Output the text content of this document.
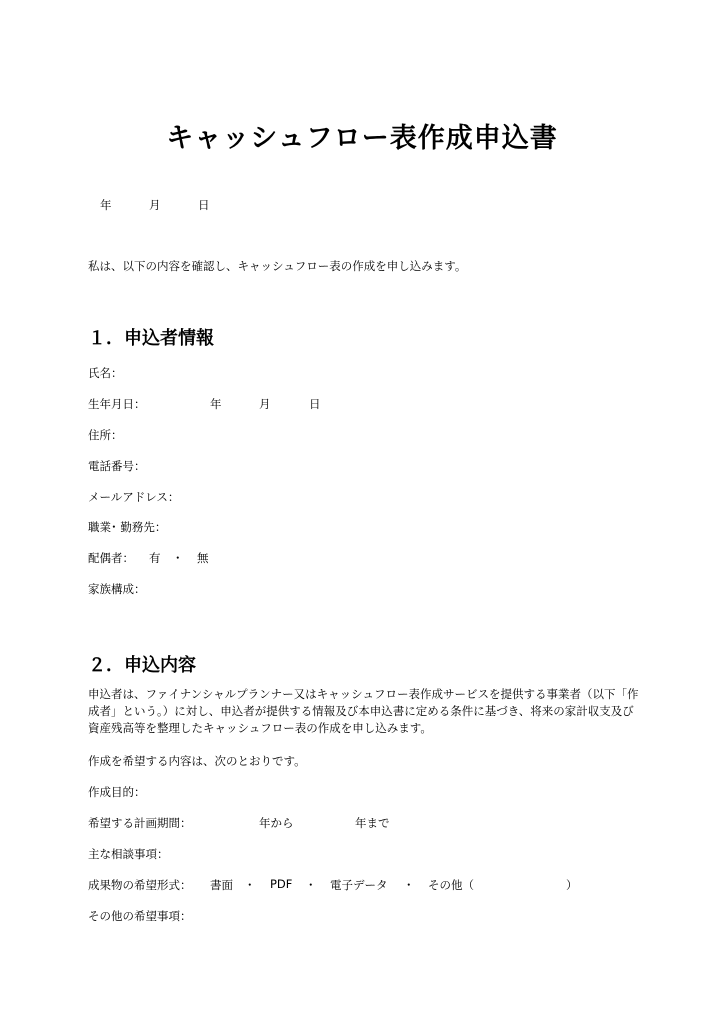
キャッシュフロー表作成申込書
年	月	日
私は、以下の内容を確認し、キャッシュフロー表の作成を申し込みます。
１．申込者情報
氏名：
生年月日：	年	月	日
住所：
電話番号：
メールアドレス：
職業･ 勤務先：
配偶者： 有 ・ 無
家族構成：
２．申込内容
申込者は、ファイナンシャルプランナー又はキャッシュフロー表作成サービスを提供する事業者（以下「作成者」という。）に対し、申込者が提供する情報及び本申込書に定める条件に基づき、将来の家計収支及び資産残高等を整理したキャッシュフロー表の作成を申し込みます。
作成を希望する内容は、次のとおりです。
作成目的：
希望する計画期間：	年から	年まで
主な相談事項：
成果物の希望形式： 書面 ・ PDF ・ 電子データ ・ その他（	）
その他の希望事項：
